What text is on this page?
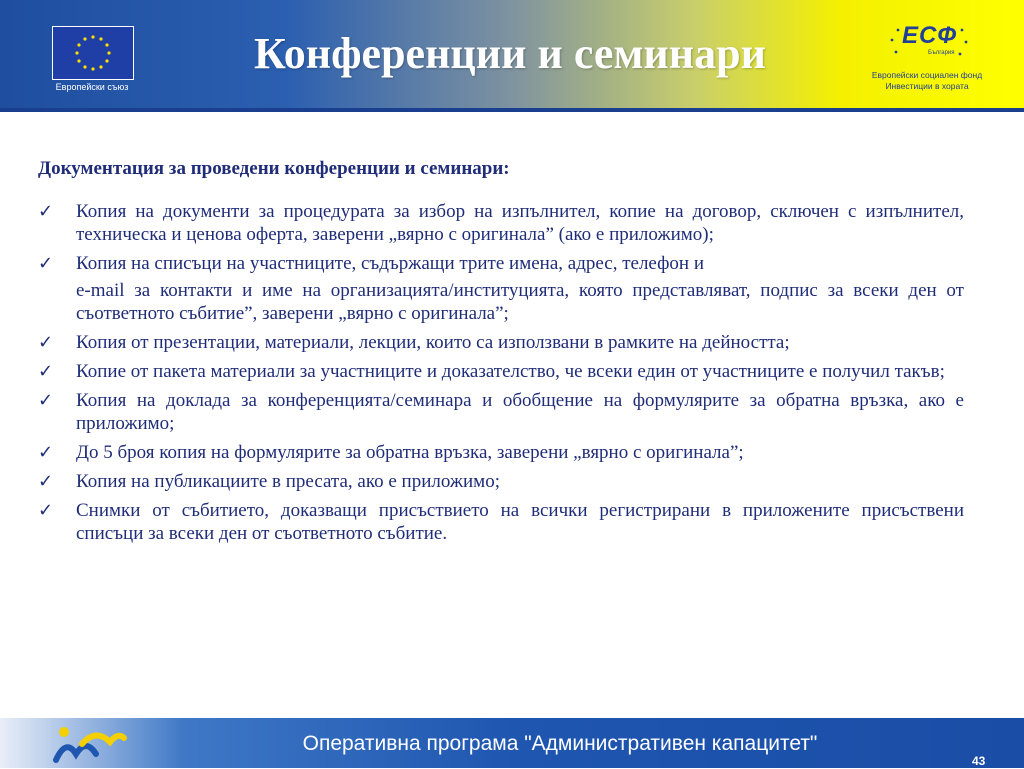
Европейски съюз
Конференции и семинари	ЕСФ
България
Европейски социален фонд
Инвестиции в хората
Документация за проведени конференции и семинари:
✓ Копия на документи за процедурата за избор на изпълнител, копие на договор, сключен с изпълнител, техническа и ценова оферта, заверени „вярно с оригинала” (ако е приложимо);
✓ Копия на списъци на участниците, съдържащи трите имена, адрес, телефон и
e-mail за контакти и име на организацията/институцията, която представляват, подпис за всеки ден от съответното събитие”, заверени „вярно с оригинала”;
✓ Копия от презентации, материали, лекции, които са използвани в рамките на дейността;
✓ Копие от пакета материали за участниците и доказателство, че всеки един от участниците е получил такъв;
✓ Копия на доклада за конференцията/семинара и обобщение на формулярите за обратна връзка, ако е приложимо;
✓ До 5 броя копия на формулярите за обратна връзка, заверени „вярно с оригинала”;
✓ Копия на публикациите в пресата, ако е приложимо;
✓ Снимки от събитието, доказващи присъствието на всички регистрирани в приложените присъствени списъци за всеки ден от съответното събитие.
Оперативна програма "Административен капацитет"
43
